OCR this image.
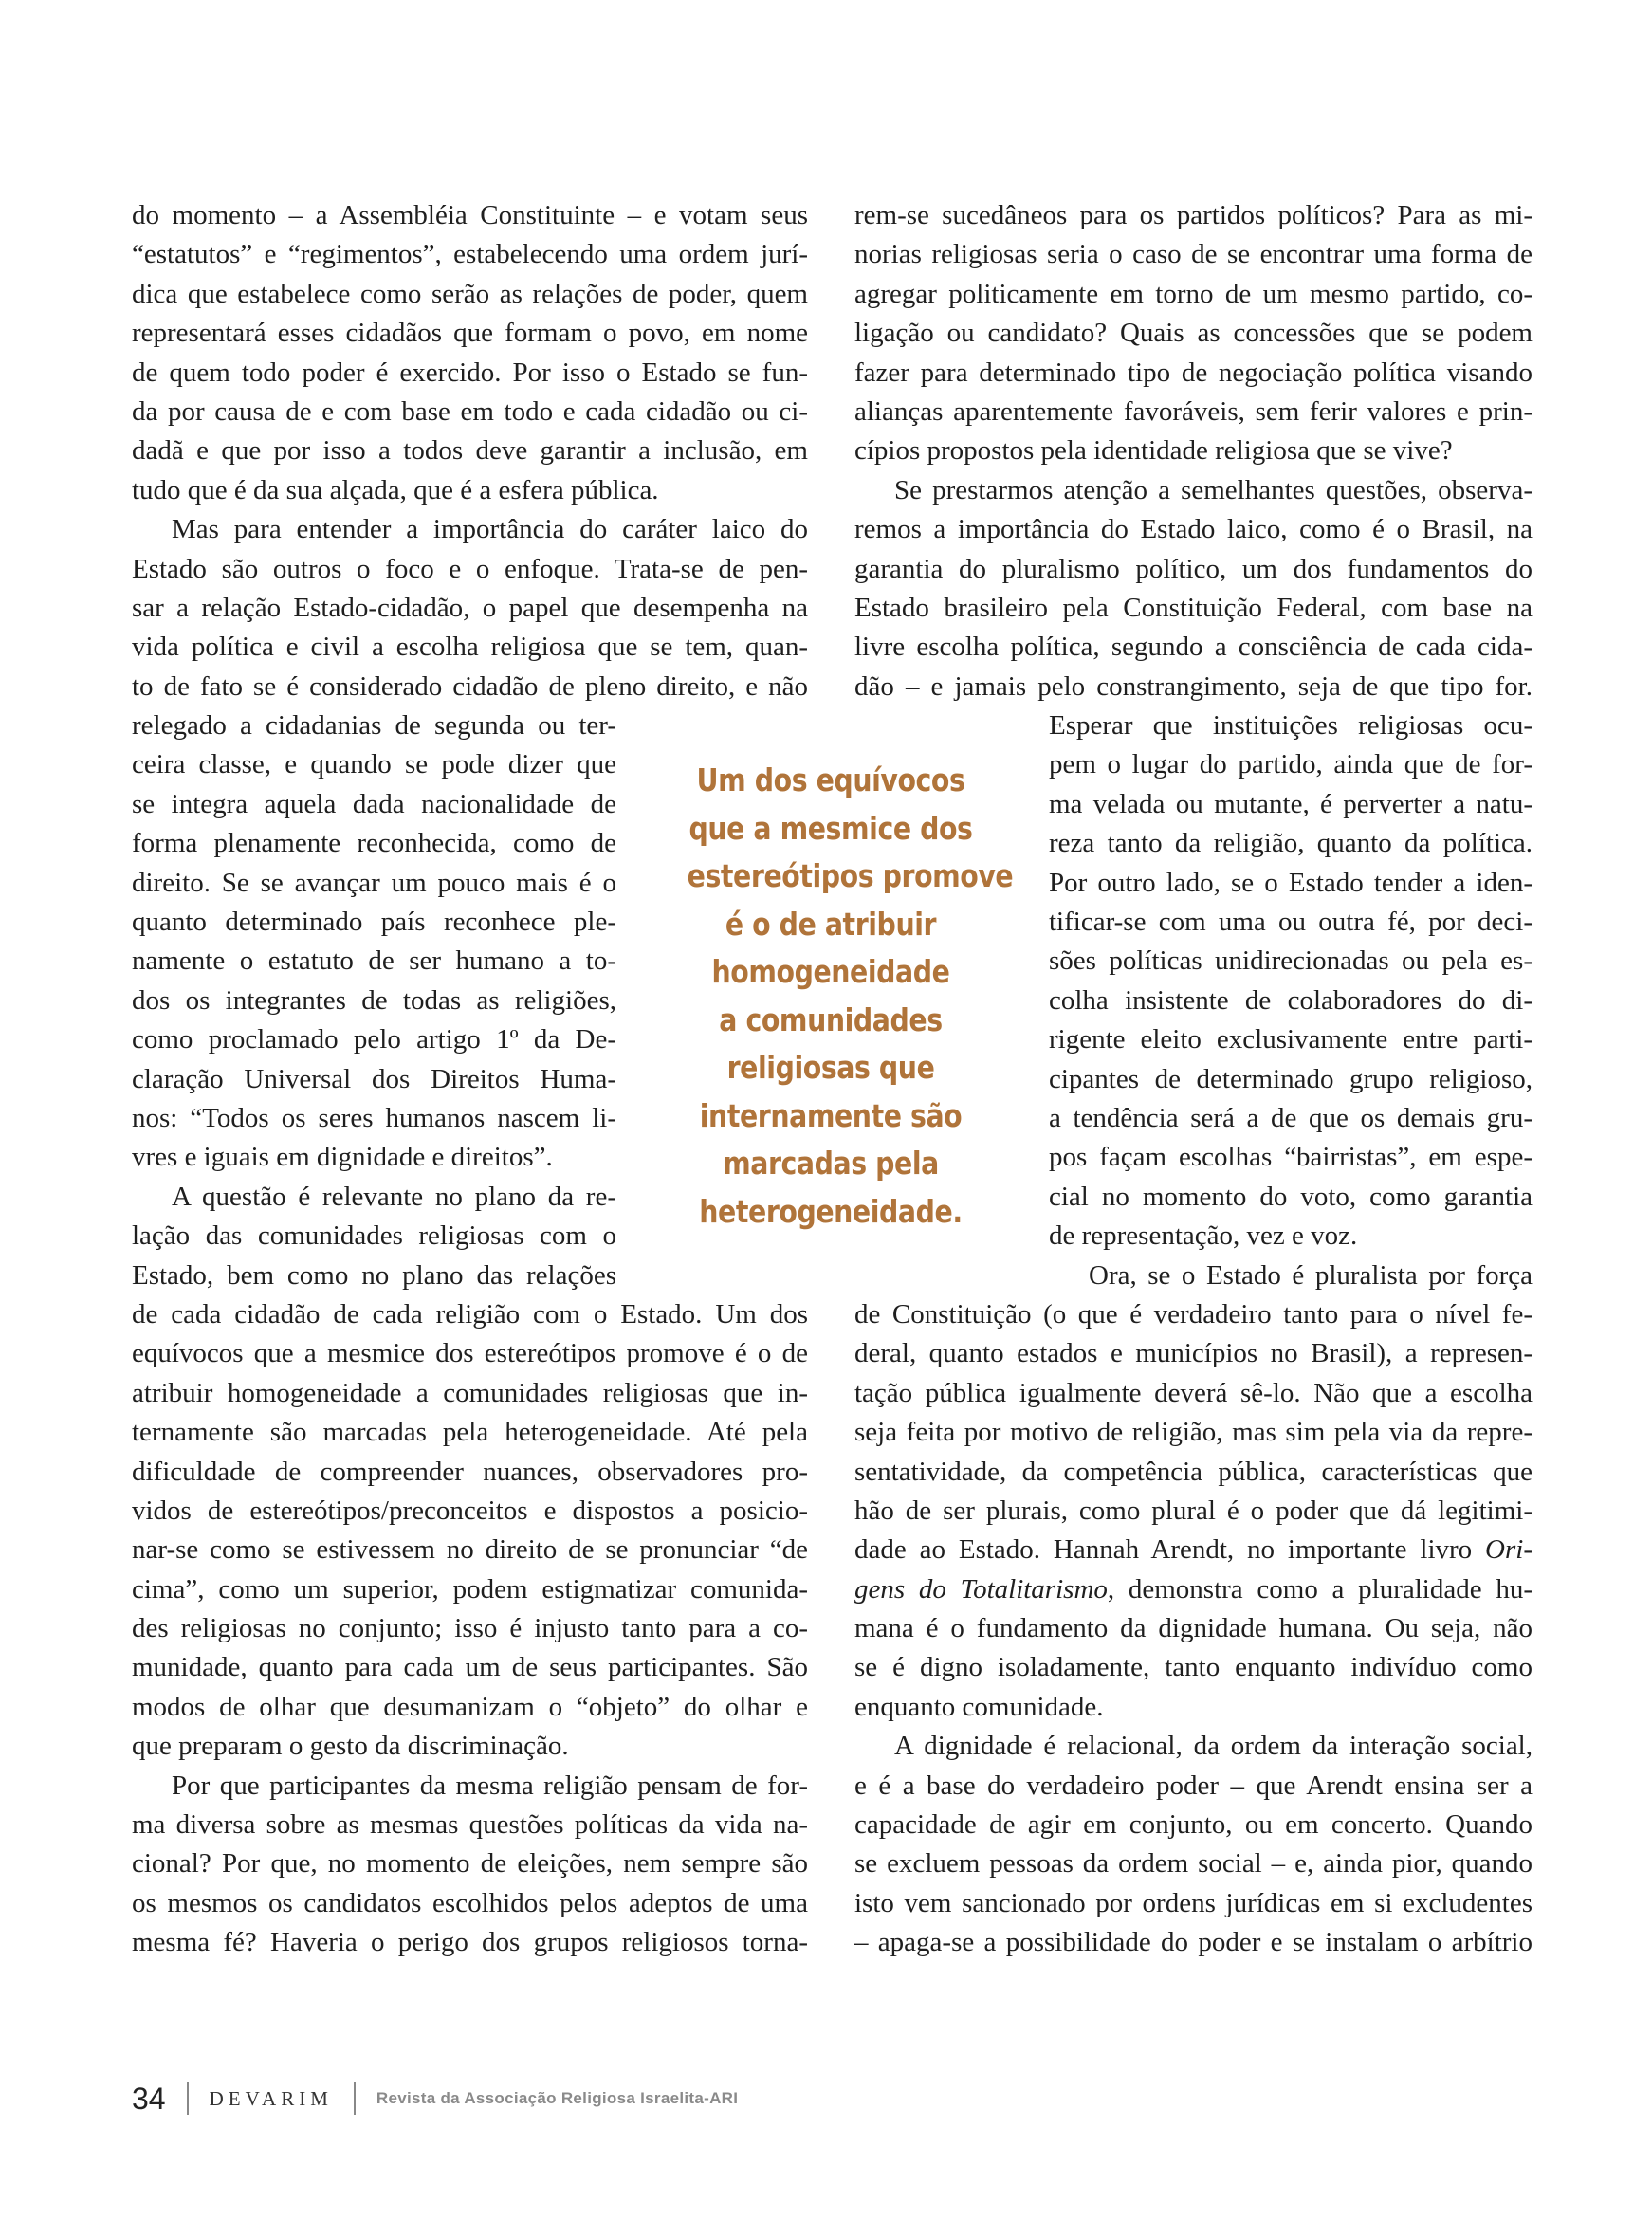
do momento – a Assembléia Constituinte – e votam seus
“estatutos” e “regimentos”, estabelecendo uma ordem jurí-
dica que estabelece como serão as relações de poder, quem
representará esses cidadãos que formam o povo, em nome
de quem todo poder é exercido. Por isso o Estado se fun-
da por causa de e com base em todo e cada cidadão ou ci-
dadã e que por isso a todos deve garantir a inclusão, em
tudo que é da sua alçada, que é a esfera pública.
Mas para entender a importância do caráter laico do
Estado são outros o foco e o enfoque. Trata-se de pen-
sar a relação Estado-cidadão, o papel que desempenha na
vida política e civil a escolha religiosa que se tem, quan-
to de fato se é considerado cidadão de pleno direito, e não
relegado a cidadanias de segunda ou ter-
ceira classe, e quando se pode dizer que
se integra aquela dada nacionalidade de
forma plenamente reconhecida, como de
direito. Se se avançar um pouco mais é o
quanto determinado país reconhece ple-
namente o estatuto de ser humano a to-
dos os integrantes de todas as religiões,
como proclamado pelo artigo 1º da De-
claração Universal dos Direitos Huma-
nos: “Todos os seres humanos nascem li-
vres e iguais em dignidade e direitos”.
A questão é relevante no plano da re-
lação das comunidades religiosas com o
Estado, bem como no plano das relações
de cada cidadão de cada religião com o Estado. Um dos
equívocos que a mesmice dos estereótipos promove é o de
atribuir homogeneidade a comunidades religiosas que in-
ternamente são marcadas pela heterogeneidade. Até pela
dificuldade de compreender nuances, observadores pro-
vidos de estereótipos/preconceitos e dispostos a posicio-
nar-se como se estivessem no direito de se pronunciar “de
cima”, como um superior, podem estigmatizar comunida-
des religiosas no conjunto; isso é injusto tanto para a co-
munidade, quanto para cada um de seus participantes. São
modos de olhar que desumanizam o “objeto” do olhar e
que preparam o gesto da discriminação.
Por que participantes da mesma religião pensam de for-
ma diversa sobre as mesmas questões políticas da vida na-
cional? Por que, no momento de eleições, nem sempre são
os mesmos os candidatos escolhidos pelos adeptos de uma
mesma fé? Haveria o perigo dos grupos religiosos torna-
Um dos equívocos
que a mesmice dos
estereótipos promove
é o de atribuir
homogeneidade
a comunidades
religiosas que
internamente são
marcadas pela
heterogeneidade.
rem-se sucedâneos para os partidos políticos? Para as mi-
norias religiosas seria o caso de se encontrar uma forma de
agregar politicamente em torno de um mesmo partido, co-
ligação ou candidato? Quais as concessões que se podem
fazer para determinado tipo de negociação política visando
alianças aparentemente favoráveis, sem ferir valores e prin-
cípios propostos pela identidade religiosa que se vive?
Se prestarmos atenção a semelhantes questões, observa-
remos a importância do Estado laico, como é o Brasil, na
garantia do pluralismo político, um dos fundamentos do
Estado brasileiro pela Constituição Federal, com base na
livre escolha política, segundo a consciência de cada cida-
dão – e jamais pelo constrangimento, seja de que tipo for.
Esperar que instituições religiosas ocu-
pem o lugar do partido, ainda que de for-
ma velada ou mutante, é perverter a natu-
reza tanto da religião, quanto da política.
Por outro lado, se o Estado tender a iden-
tificar-se com uma ou outra fé, por deci-
sões políticas unidirecionadas ou pela es-
colha insistente de colaboradores do di-
rigente eleito exclusivamente entre parti-
cipantes de determinado grupo religioso,
a tendência será a de que os demais gru-
pos façam escolhas “bairristas”, em espe-
cial no momento do voto, como garantia
de representação, vez e voz.
Ora, se o Estado é pluralista por força
de Constituição (o que é verdadeiro tanto para o nível fe-
deral, quanto estados e municípios no Brasil), a represen-
tação pública igualmente deverá sê-lo. Não que a escolha
seja feita por motivo de religião, mas sim pela via da repre-
sentatividade, da competência pública, características que
hão de ser plurais, como plural é o poder que dá legitimi-
dade ao Estado. Hannah Arendt, no importante livro Ori-
gens do Totalitarismo, demonstra como a pluralidade hu-
mana é o fundamento da dignidade humana. Ou seja, não
se é digno isoladamente, tanto enquanto indivíduo como
enquanto comunidade.
A dignidade é relacional, da ordem da interação social,
e é a base do verdadeiro poder – que Arendt ensina ser a
capacidade de agir em conjunto, ou em concerto. Quando
se excluem pessoas da ordem social – e, ainda pior, quando
isto vem sancionado por ordens jurídicas em si excludentes
– apaga-se a possibilidade do poder e se instalam o arbítrio
34 DEVARIM	Revista da Associação Religiosa Israelita-ARI
